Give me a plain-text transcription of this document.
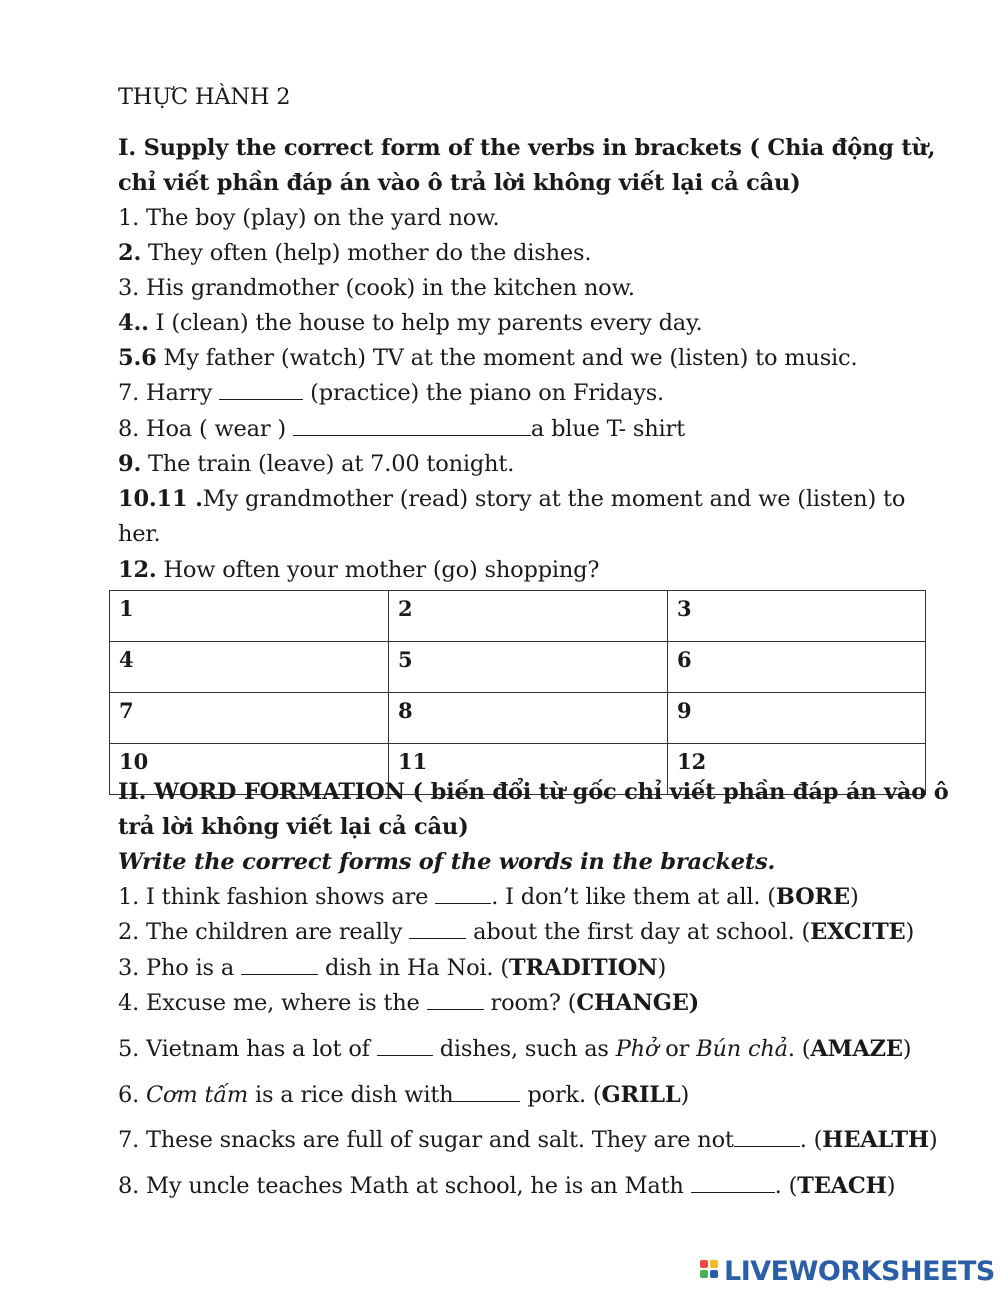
THỰC HÀNH 2
I. Supply the correct form of the verbs in brackets ( Chia động từ,
chỉ viết phần đáp án vào ô trả lời không viết lại cả câu)
1. The boy (play) on the yard now.
2. They often (help) mother do the dishes.
3. His grandmother (cook) in the kitchen now.
4.. I (clean) the house to help my parents every day.
5.6 My father (watch) TV at the moment and we (listen) to music.
7. Harry	(practice) the piano on Fridays.
8. Hoa ( wear )	a blue T- shirt
9. The train (leave) at 7.00 tonight.
10.11 .My grandmother (read) story at the moment and we (listen) to
her.
12. How often your mother (go) shopping?
1	2	3
4	5	6
7	8	9
10	11	12
II. WORD FORMATION ( biến đổi từ gốc chỉ viết phần đáp án vào ô
trả lời không viết lại cả câu)
Write the correct forms of the words in the brackets.
1. I think fashion shows are . I don’t like them at all. (BORE)
2. The children are really	about the first day at school. (EXCITE)
3. Pho is a	dish in Ha Noi. (TRADITION)
4. Excuse me, where is the	room? (CHANGE)
5. Vietnam has a lot of  dishes, such as Phở or Bún chả. (AMAZE)
6. Cơm tấm is a rice dish with	pork. (GRILL)
7. These snacks are full of sugar and salt. They are not	. (HEALTH)
8. My uncle teaches Math at school, he is an Math	. (TEACH)
LIVEWORKSHEETS
